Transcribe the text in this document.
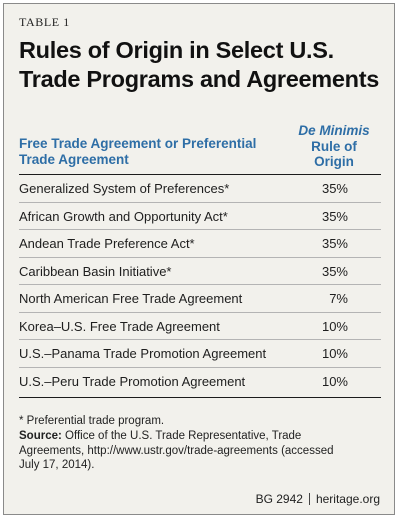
TABLE 1
Rules of Origin in Select U.S. Trade Programs and Agreements
Free Trade Agreement or Preferential Trade Agreement
De Minimis
Rule of
Origin
Generalized System of Preferences*	35%
African Growth and Opportunity Act*	35%
Andean Trade Preference Act*	35%
Caribbean Basin Initiative*	35%
North American Free Trade Agreement	7%
Korea–U.S. Free Trade Agreement	10%
U.S.–Panama Trade Promotion Agreement	10%
U.S.–Peru Trade Promotion Agreement	10%
* Preferential trade program.
Source: Office of the U.S. Trade Representative, Trade Agreements, http://www.ustr.gov/trade-agreements (accessed July 17, 2014).
BG 2942 heritage.org
